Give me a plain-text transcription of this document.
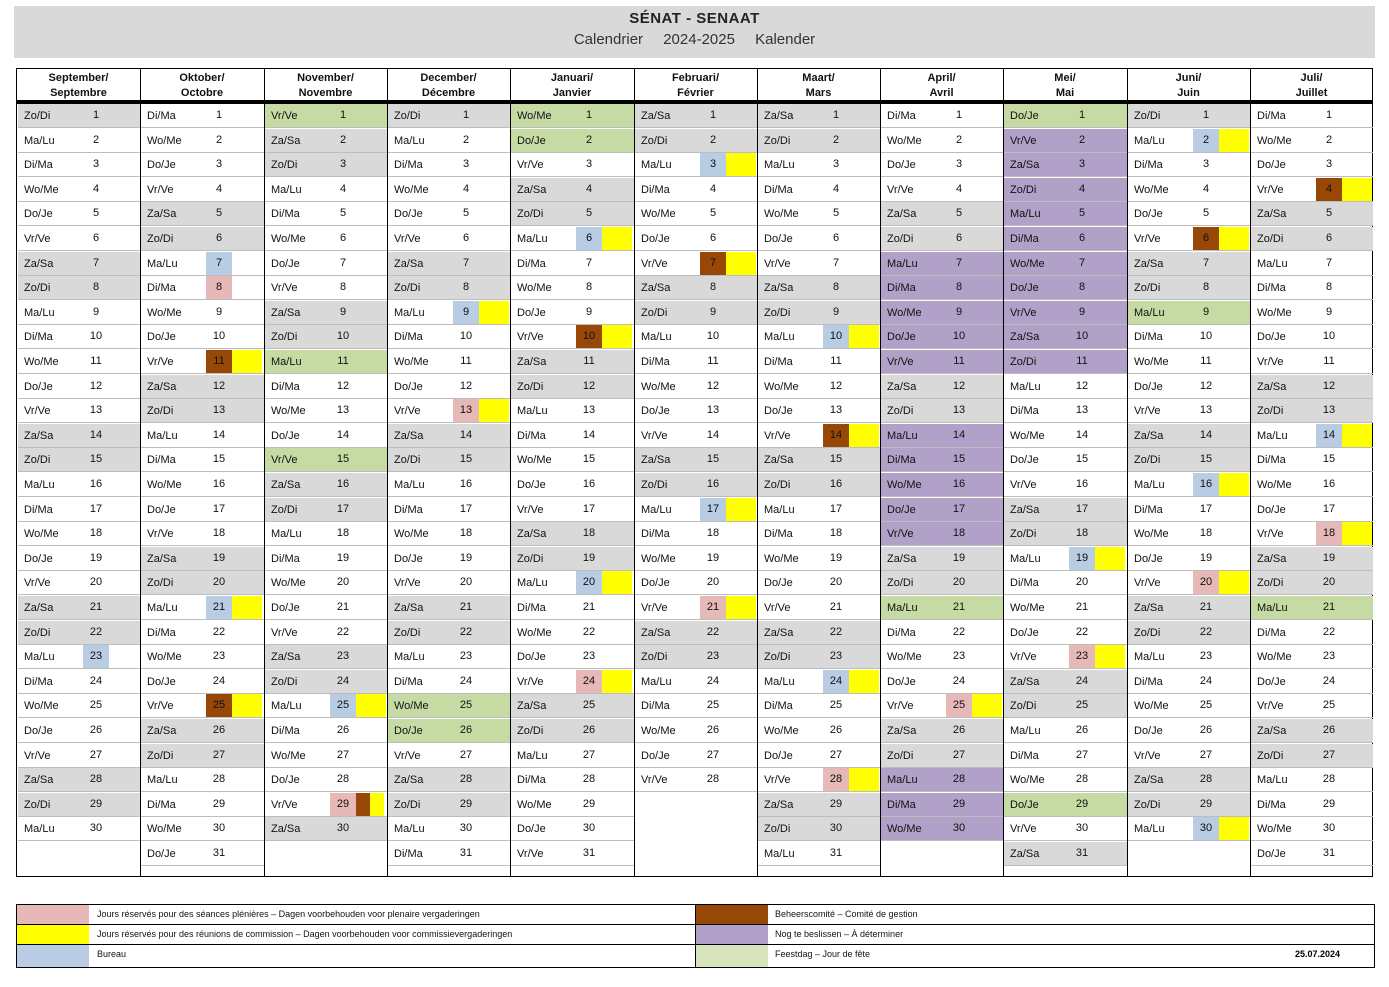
SÉNAT - SENAAT
Calendrier 2024-2025 Kalender
September/
Septembre
Oktober/
Octobre
November/
Novembre
December/
Décembre
Januari/
Janvier
Februari/
Février
Maart/
Mars
April/
Avril
Mei/
Mai
Juni/
Juin
Juli/
Juillet
Zo/Di	1
Ma/Lu	2
Di/Ma	3
Wo/Me	4
Do/Je	5
Vr/Ve	6
Za/Sa	7
Zo/Di	8
Ma/Lu	9
Di/Ma	10
Wo/Me	11
Do/Je	12
Vr/Ve	13
Za/Sa	14
Zo/Di	15
Ma/Lu	16
Di/Ma	17
Wo/Me	18
Do/Je	19
Vr/Ve	20
Za/Sa	21
Zo/Di	22
Ma/Lu	23
Di/Ma	24
Wo/Me	25
Do/Je	26
Vr/Ve	27
Za/Sa	28
Zo/Di	29
Ma/Lu	30
Di/Ma	1
Wo/Me	2
Do/Je	3
Vr/Ve	4
Za/Sa	5
Zo/Di	6
Ma/Lu	7
Di/Ma	8
Wo/Me	9
Do/Je	10
Vr/Ve	11
Za/Sa	12
Zo/Di	13
Ma/Lu	14
Di/Ma	15
Wo/Me	16
Do/Je	17
Vr/Ve	18
Za/Sa	19
Zo/Di	20
Ma/Lu	21
Di/Ma	22
Wo/Me	23
Do/Je	24
Vr/Ve	25
Za/Sa	26
Zo/Di	27
Ma/Lu	28
Di/Ma	29
Wo/Me	30
Do/Je	31
Vr/Ve	1
Za/Sa	2
Zo/Di	3
Ma/Lu	4
Di/Ma	5
Wo/Me	6
Do/Je	7
Vr/Ve	8
Za/Sa	9
Zo/Di	10
Ma/Lu	11
Di/Ma	12
Wo/Me	13
Do/Je	14
Vr/Ve	15
Za/Sa	16
Zo/Di	17
Ma/Lu	18
Di/Ma	19
Wo/Me	20
Do/Je	21
Vr/Ve	22
Za/Sa	23
Zo/Di	24
Ma/Lu	25
Di/Ma	26
Wo/Me	27
Do/Je	28
Vr/Ve	29
Za/Sa	30
Zo/Di	1
Ma/Lu	2
Di/Ma	3
Wo/Me	4
Do/Je	5
Vr/Ve	6
Za/Sa	7
Zo/Di	8
Ma/Lu	9
Di/Ma	10
Wo/Me	11
Do/Je	12
Vr/Ve	13
Za/Sa	14
Zo/Di	15
Ma/Lu	16
Di/Ma	17
Wo/Me	18
Do/Je	19
Vr/Ve	20
Za/Sa	21
Zo/Di	22
Ma/Lu	23
Di/Ma	24
Wo/Me	25
Do/Je	26
Vr/Ve	27
Za/Sa	28
Zo/Di	29
Ma/Lu	30
Di/Ma	31
Wo/Me	1
Do/Je	2
Vr/Ve	3
Za/Sa	4
Zo/Di	5
Ma/Lu	6
Di/Ma	7
Wo/Me	8
Do/Je	9
Vr/Ve	10
Za/Sa	11
Zo/Di	12
Ma/Lu	13
Di/Ma	14
Wo/Me	15
Do/Je	16
Vr/Ve	17
Za/Sa	18
Zo/Di	19
Ma/Lu	20
Di/Ma	21
Wo/Me	22
Do/Je	23
Vr/Ve	24
Za/Sa	25
Zo/Di	26
Ma/Lu	27
Di/Ma	28
Wo/Me	29
Do/Je	30
Vr/Ve	31
Za/Sa	1
Zo/Di	2
Ma/Lu	3
Di/Ma	4
Wo/Me	5
Do/Je	6
Vr/Ve	7
Za/Sa	8
Zo/Di	9
Ma/Lu	10
Di/Ma	11
Wo/Me	12
Do/Je	13
Vr/Ve	14
Za/Sa	15
Zo/Di	16
Ma/Lu	17
Di/Ma	18
Wo/Me	19
Do/Je	20
Vr/Ve	21
Za/Sa	22
Zo/Di	23
Ma/Lu	24
Di/Ma	25
Wo/Me	26
Do/Je	27
Vr/Ve	28
Za/Sa	1
Zo/Di	2
Ma/Lu	3
Di/Ma	4
Wo/Me	5
Do/Je	6
Vr/Ve	7
Za/Sa	8
Zo/Di	9
Ma/Lu	10
Di/Ma	11
Wo/Me	12
Do/Je	13
Vr/Ve	14
Za/Sa	15
Zo/Di	16
Ma/Lu	17
Di/Ma	18
Wo/Me	19
Do/Je	20
Vr/Ve	21
Za/Sa	22
Zo/Di	23
Ma/Lu	24
Di/Ma	25
Wo/Me	26
Do/Je	27
Vr/Ve	28
Za/Sa	29
Zo/Di	30
Ma/Lu	31
Di/Ma	1
Wo/Me	2
Do/Je	3
Vr/Ve	4
Za/Sa	5
Zo/Di	6
Ma/Lu	7
Di/Ma	8
Wo/Me	9
Do/Je	10
Vr/Ve	11
Za/Sa	12
Zo/Di	13
Ma/Lu	14
Di/Ma	15
Wo/Me	16
Do/Je	17
Vr/Ve	18
Za/Sa	19
Zo/Di	20
Ma/Lu	21
Di/Ma	22
Wo/Me	23
Do/Je	24
Vr/Ve	25
Za/Sa	26
Zo/Di	27
Ma/Lu	28
Di/Ma	29
Wo/Me	30
Do/Je	1
Vr/Ve	2
Za/Sa	3
Zo/Di	4
Ma/Lu	5
Di/Ma	6
Wo/Me	7
Do/Je	8
Vr/Ve	9
Za/Sa	10
Zo/Di	11
Ma/Lu	12
Di/Ma	13
Wo/Me	14
Do/Je	15
Vr/Ve	16
Za/Sa	17
Zo/Di	18
Ma/Lu	19
Di/Ma	20
Wo/Me	21
Do/Je	22
Vr/Ve	23
Za/Sa	24
Zo/Di	25
Ma/Lu	26
Di/Ma	27
Wo/Me	28
Do/Je	29
Vr/Ve	30
Za/Sa	31
Zo/Di	1
Ma/Lu	2
Di/Ma	3
Wo/Me	4
Do/Je	5
Vr/Ve	6
Za/Sa	7
Zo/Di	8
Ma/Lu	9
Di/Ma	10
Wo/Me	11
Do/Je	12
Vr/Ve	13
Za/Sa	14
Zo/Di	15
Ma/Lu	16
Di/Ma	17
Wo/Me	18
Do/Je	19
Vr/Ve	20
Za/Sa	21
Zo/Di	22
Ma/Lu	23
Di/Ma	24
Wo/Me	25
Do/Je	26
Vr/Ve	27
Za/Sa	28
Zo/Di	29
Ma/Lu	30
Di/Ma	1
Wo/Me	2
Do/Je	3
Vr/Ve	4
Za/Sa	5
Zo/Di	6
Ma/Lu	7
Di/Ma	8
Wo/Me	9
Do/Je	10
Vr/Ve	11
Za/Sa	12
Zo/Di	13
Ma/Lu	14
Di/Ma	15
Wo/Me	16
Do/Je	17
Vr/Ve	18
Za/Sa	19
Zo/Di	20
Ma/Lu	21
Di/Ma	22
Wo/Me	23
Do/Je	24
Vr/Ve	25
Za/Sa	26
Zo/Di	27
Ma/Lu	28
Di/Ma	29
Wo/Me	30
Do/Je	31
Jours réservés pour des séances plénières – Dagen voorbehouden voor plenaire vergaderingen	Beheerscomité – Comité de gestion
Jours réservés pour des réunions de commission – Dagen voorbehouden voor commissievergaderingen	Nog te beslissen – À déterminer
Bureau	Feestdag – Jour de fête	25.07.2024
